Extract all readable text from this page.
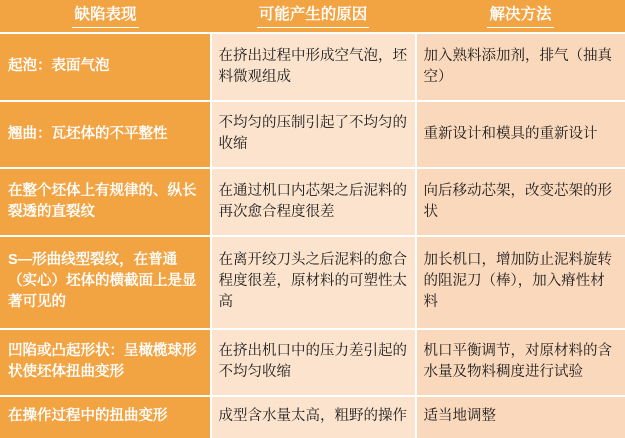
缺陷表现	可能产生的原因	解决方法
起泡：表面气泡	在挤出过程中形成空气泡，坯料微观组成	加入熟料添加剂，排气（抽真空）
翘曲：瓦坯体的不平整性	不均匀的压制引起了不均匀的收缩	重新设计和模具的重新设计
在整个坯体上有规律的、纵长裂透的直裂纹	在通过机口内芯架之后泥料的再次愈合程度很差	向后移动芯架，改变芯架的形状
S—形曲线型裂纹，在普通（实心）坯体的横截面上是显著可见的	在离开绞刀头之后泥料的愈合程度很差，原材料的可塑性太高	加长机口，增加防止泥料旋转的阻泥刀（棒），加入瘠性材料
凹陷或凸起形状：呈橄榄球形状使坯体扭曲变形	在挤出机口中的压力差引起的不均匀收缩	机口平衡调节，对原材料的含水量及物料稠度进行试验
在操作过程中的扭曲变形	成型含水量太高，粗野的操作	适当地调整
